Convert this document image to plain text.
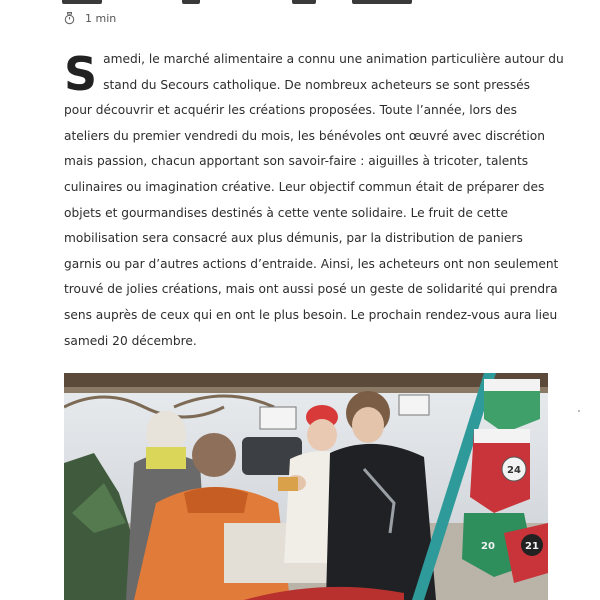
1 min
S amedi, le marché alimentaire a connu une animation particulière autour du
stand du Secours catholique. De nombreux acheteurs se sont pressés
pour découvrir et acquérir les créations proposées. Toute l’année, lors des
ateliers du premier vendredi du mois, les bénévoles ont œuvré avec discrétion
mais passion, chacun apportant son savoir-faire : aiguilles à tricoter, talents
culinaires ou imagination créative. Leur objectif commun était de préparer des
objets et gourmandises destinés à cette vente solidaire. Le fruit de cette
mobilisation sera consacré aux plus démunis, par la distribution de paniers
garnis ou par d’autres actions d’entraide. Ainsi, les acheteurs ont non seulement
trouvé de jolies créations, mais ont aussi posé un geste de solidarité qui prendra
sens auprès de ceux qui en ont le plus besoin. Le prochain rendez-vous aura lieu
samedi 20 décembre.
24
21
20
